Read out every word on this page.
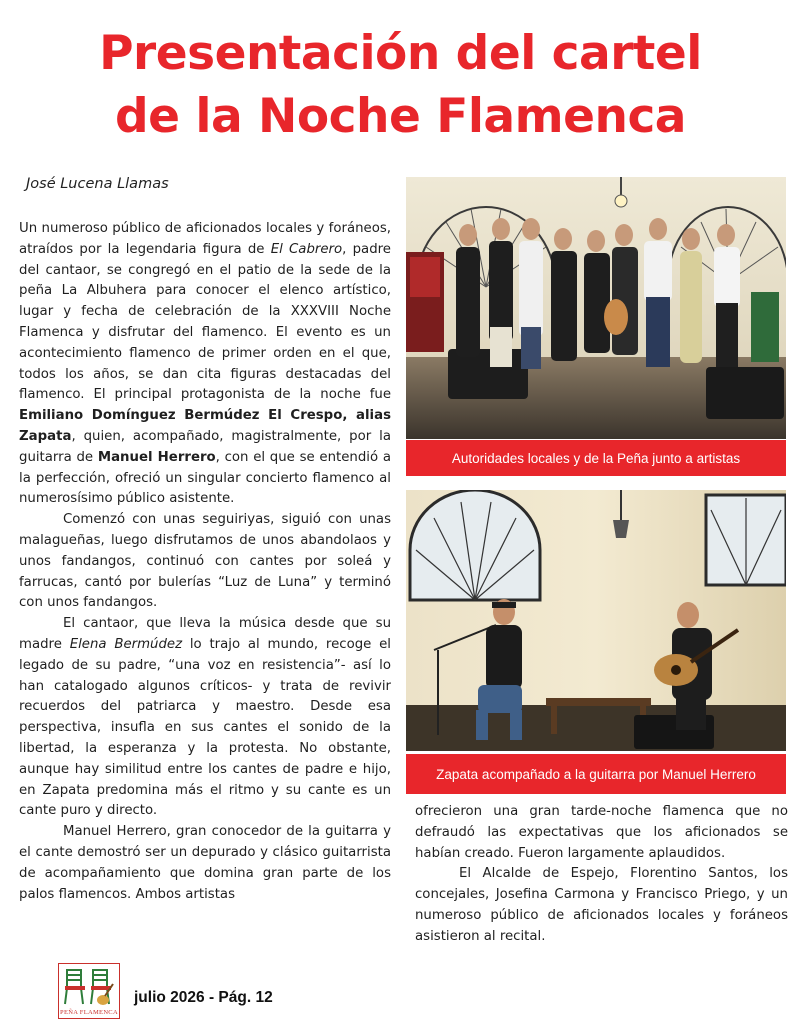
Presentación del cartel
de la Noche Flamenca
José Lucena Llamas

Un numeroso público de aficionados locales y foráneos, atraídos por la legendaria figura de El Cabrero, padre del cantaor, se congregó en el patio de la sede de la peña La Albuhera para conocer el elenco artístico, lugar y fecha de celebración de la XXXVIII Noche Flamenca y disfrutar del flamenco. El evento es un acontecimiento flamenco de primer orden en el que, todos los años, se dan cita figuras destacadas del flamenco. El principal protagonista de la noche fue Emiliano Domínguez Bermúdez El Crespo, alias Zapata, quien, acompañado, magistralmente, por la guitarra de Manuel Herrero, con el que se entendió a la perfección, ofreció un singular concierto flamenco al numerosísimo público asistente.

Comenzó con unas seguiriyas, siguió con unas malagueñas, luego disfrutamos de unos abandolaos y unos fandangos, continuó con cantes por soleá y farrucas, cantó por bulerías “Luz de Luna” y terminó con unos fandangos.

El cantaor, que lleva la música desde que su madre Elena Bermúdez lo trajo al mundo, recoge el legado de su padre, “una voz en resistencia”- así lo han catalogado algunos críticos- y trata de revivir recuerdos del patriarca y maestro. Desde esa perspectiva, insufla en sus cantes el sonido de la libertad, la esperanza y la protesta. No obstante, aunque hay similitud entre los cantes de padre e hijo, en Zapata predomina más el ritmo y su cante es un cante puro y directo.

Manuel Herrero, gran conocedor de la guitarra y el cante demostró ser un depurado y clásico guitarrista de acompañamiento que domina gran parte de los palos flamencos. Ambos artistas

Autoridades locales y de la Peña junto a artistas
Zapata acompañado a la guitarra por Manuel Herrero

ofrecieron una gran tarde-noche flamenca que no defraudó las expectativas que los aficionados se habían creado. Fueron largamente aplaudidos.

El Alcalde de Espejo, Florentino Santos, los concejales, Josefina Carmona y Francisco Priego, y un numeroso público de aficionados locales y foráneos asistieron al recital.

PEÑA FLAMENCA
julio 2026 - Pág. 12
